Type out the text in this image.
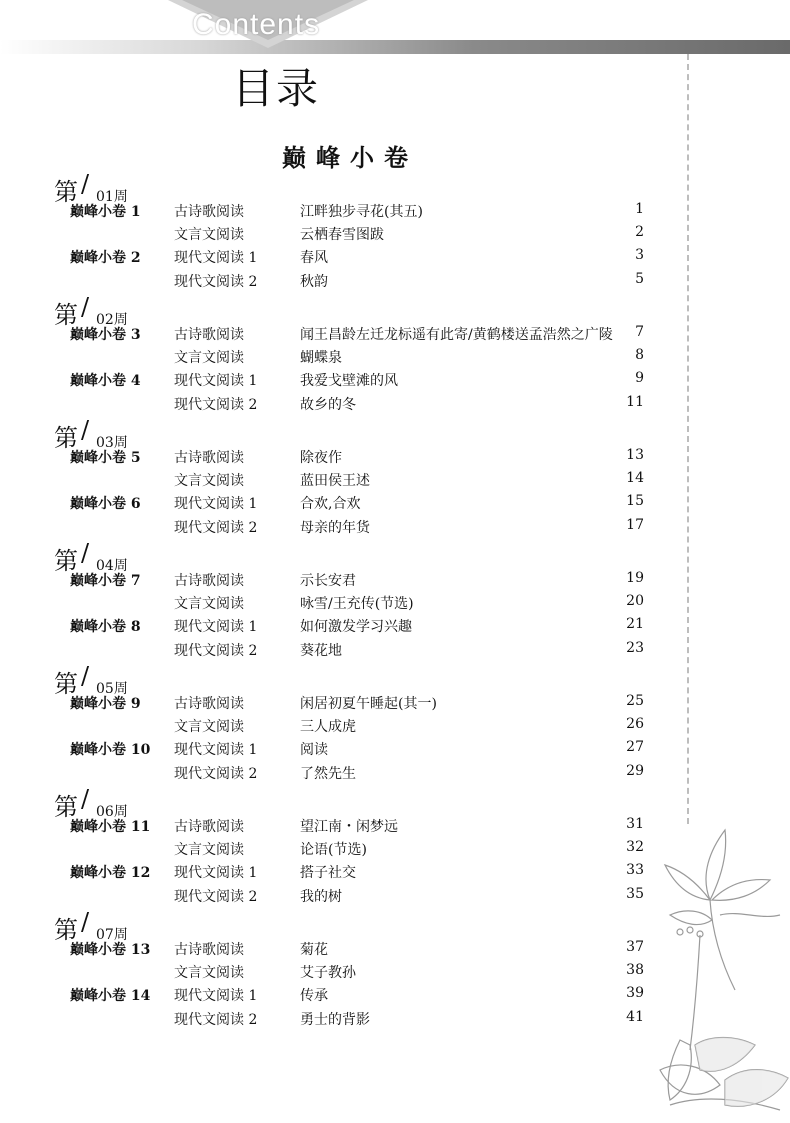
Contents
目录
巅峰小卷
第 / 01周
巅峰小卷 1 古诗歌阅读	江畔独步寻花(其五)	1
文言文阅读	云栖春雪图跋	2
巅峰小卷 2 现代文阅读 1	春风	3
现代文阅读 2	秋韵	5
第 / 02周
巅峰小卷 3 古诗歌阅读	闻王昌龄左迁龙标遥有此寄/黄鹤楼送孟浩然之广陵	7
文言文阅读	蝴蝶泉	8
巅峰小卷 4 现代文阅读 1	我爱戈壁滩的风	9
现代文阅读 2	故乡的冬	11
第 / 03周
巅峰小卷 5 古诗歌阅读	除夜作	13
文言文阅读	蓝田侯王述	14
巅峰小卷 6 现代文阅读 1	合欢,合欢	15
现代文阅读 2	母亲的年货	17
第 / 04周
巅峰小卷 7 古诗歌阅读	示长安君	19
文言文阅读	咏雪/王充传(节选)	20
巅峰小卷 8 现代文阅读 1	如何激发学习兴趣	21
现代文阅读 2	葵花地	23
第 / 05周
巅峰小卷 9 古诗歌阅读	闲居初夏午睡起(其一)	25
文言文阅读	三人成虎	26
巅峰小卷 10 现代文阅读 1	阅读	27
现代文阅读 2	了然先生	29
第 / 06周
巅峰小卷 11 古诗歌阅读	望江南・闲梦远	31
文言文阅读	论语(节选)	32
巅峰小卷 12 现代文阅读 1	搭子社交	33
现代文阅读 2	我的树	35
第 / 07周
巅峰小卷 13 古诗歌阅读	菊花	37
文言文阅读	艾子教孙	38
巅峰小卷 14 现代文阅读 1	传承	39
现代文阅读 2	勇士的背影	41
